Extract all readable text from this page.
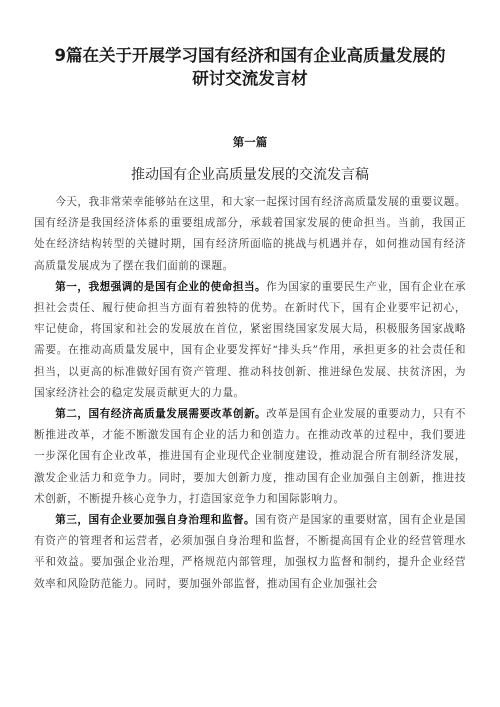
9篇在关于开展学习国有经济和国有企业高质量发展的
研讨交流发言材
第一篇
推动国有企业高质量发展的交流发言稿

今天，我非常荣幸能够站在这里，和大家一起探讨国有经济高质量发展的重要议题。国有经济是我国经济体系的重要组成部分，承载着国家发展的使命担当。当前，我国正处在经济结构转型的关键时期，国有经济所面临的挑战与机遇并存，如何推动国有经济高质量发展成为了摆在我们面前的课题。

第一，我想强调的是国有企业的使命担当。作为国家的重要民生产业，国有企业在承担社会责任、履行使命担当方面有着独特的优势。在新时代下，国有企业要牢记初心，牢记使命，将国家和社会的发展放在首位，紧密围绕国家发展大局，积极服务国家战略需要。在推动高质量发展中，国有企业要发挥好“排头兵”作用，承担更多的社会责任和担当，以更高的标准做好国有资产管理、推动科技创新、推进绿色发展、扶贫济困，为国家经济社会的稳定发展贡献更大的力量。

第二，国有经济高质量发展需要改革创新。改革是国有企业发展的重要动力，只有不断推进改革，才能不断激发国有企业的活力和创造力。在推动改革的过程中，我们要进一步深化国有企业改革，推进国有企业现代企业制度建设，推动混合所有制经济发展，激发企业活力和竞争力。同时，要加大创新力度，推动国有企业加强自主创新，推进技术创新，不断提升核心竞争力，打造国家竞争力和国际影响力。

第三，国有企业要加强自身治理和监督。国有资产是国家的重要财富，国有企业是国有资产的管理者和运营者，必须加强自身治理和监督，不断提高国有企业的经营管理水平和效益。要加强企业治理，严格规范内部管理，加强权力监督和制约，提升企业经营效率和风险防范能力。同时，要加强外部监督，推动国有企业加强社会
